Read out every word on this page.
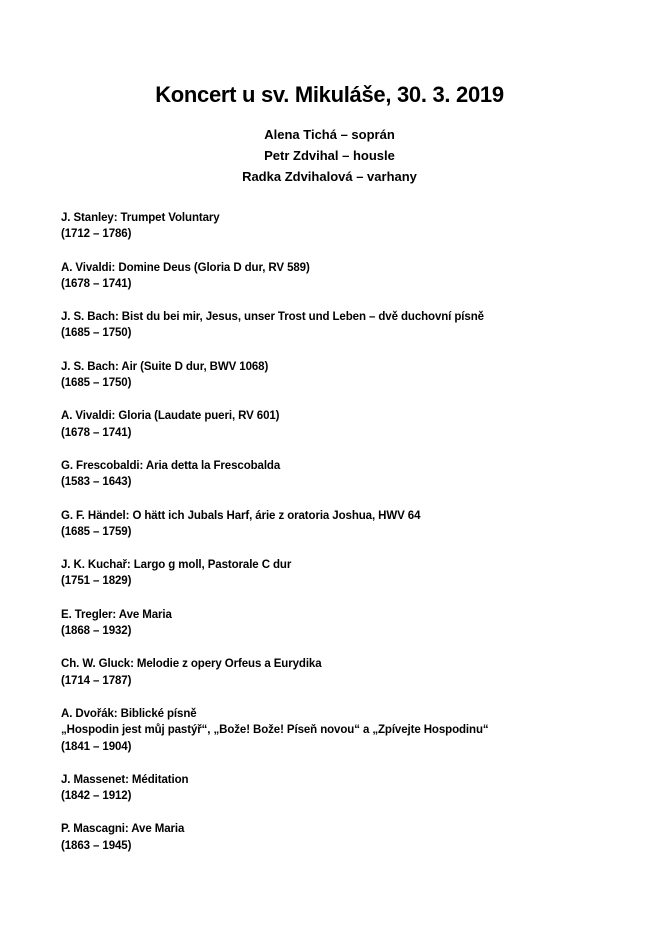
Koncert u sv. Mikuláše, 30. 3. 2019
Alena Tichá – soprán
Petr Zdvihal – housle
Radka Zdvihalová – varhany
J. Stanley: Trumpet Voluntary
(1712 – 1786)
A. Vivaldi: Domine Deus (Gloria D dur, RV 589)
(1678 – 1741)
J. S. Bach: Bist du bei mir, Jesus, unser Trost und Leben – dvě duchovní písně
(1685 – 1750)
J. S. Bach: Air (Suite D dur, BWV 1068)
(1685 – 1750)
A. Vivaldi: Gloria (Laudate pueri, RV 601)
(1678 – 1741)
G. Frescobaldi: Aria detta la Frescobalda
(1583 – 1643)
G. F. Händel: O hätt ich Jubals Harf, árie z oratoria Joshua, HWV 64
(1685 – 1759)
J. K. Kuchař: Largo g moll, Pastorale C dur
(1751 – 1829)
E. Tregler: Ave Maria
(1868 – 1932)
Ch. W. Gluck: Melodie z opery Orfeus a Eurydika
(1714 – 1787)
A. Dvořák: Biblické písně
„Hospodin jest můj pastýř“, „Bože! Bože! Píseň novou“ a „Zpívejte Hospodinu“
(1841 – 1904)
J. Massenet: Méditation
(1842 – 1912)
P. Mascagni: Ave Maria
(1863 – 1945)
